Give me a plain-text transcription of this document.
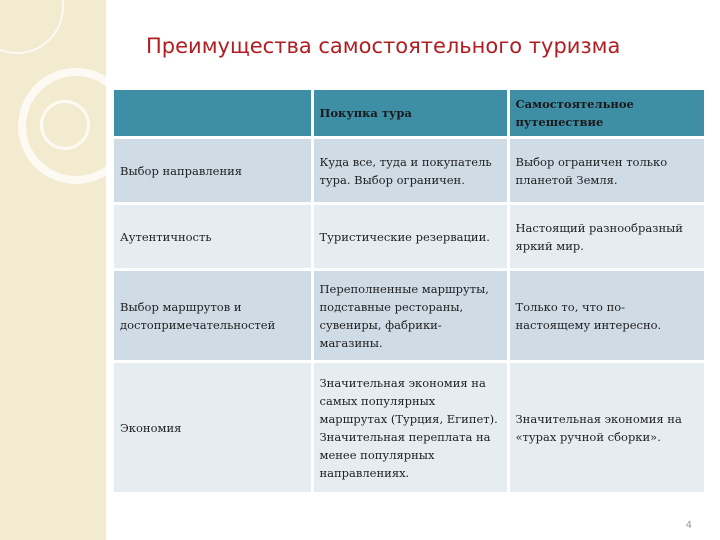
Преимущества самостоятельного туризма
	Покупка тура	Самостоятельное путешествие
Выбор направления	Куда все, туда и покупатель тура. Выбор ограничен.	Выбор ограничен только планетой Земля.
Аутентичность	Туристические резервации.	Настоящий разнообразный яркий мир.
Выбор маршрутов и достопримечательностей	Переполненные маршруты, подставные рестораны, сувениры, фабрики-магазины.	Только то, что по-настоящему интересно.
Экономия	Значительная экономия на самых популярных маршрутах (Турция, Египет). Значительная переплата на менее популярных направлениях.	Значительная экономия на «турах ручной сборки».
4
